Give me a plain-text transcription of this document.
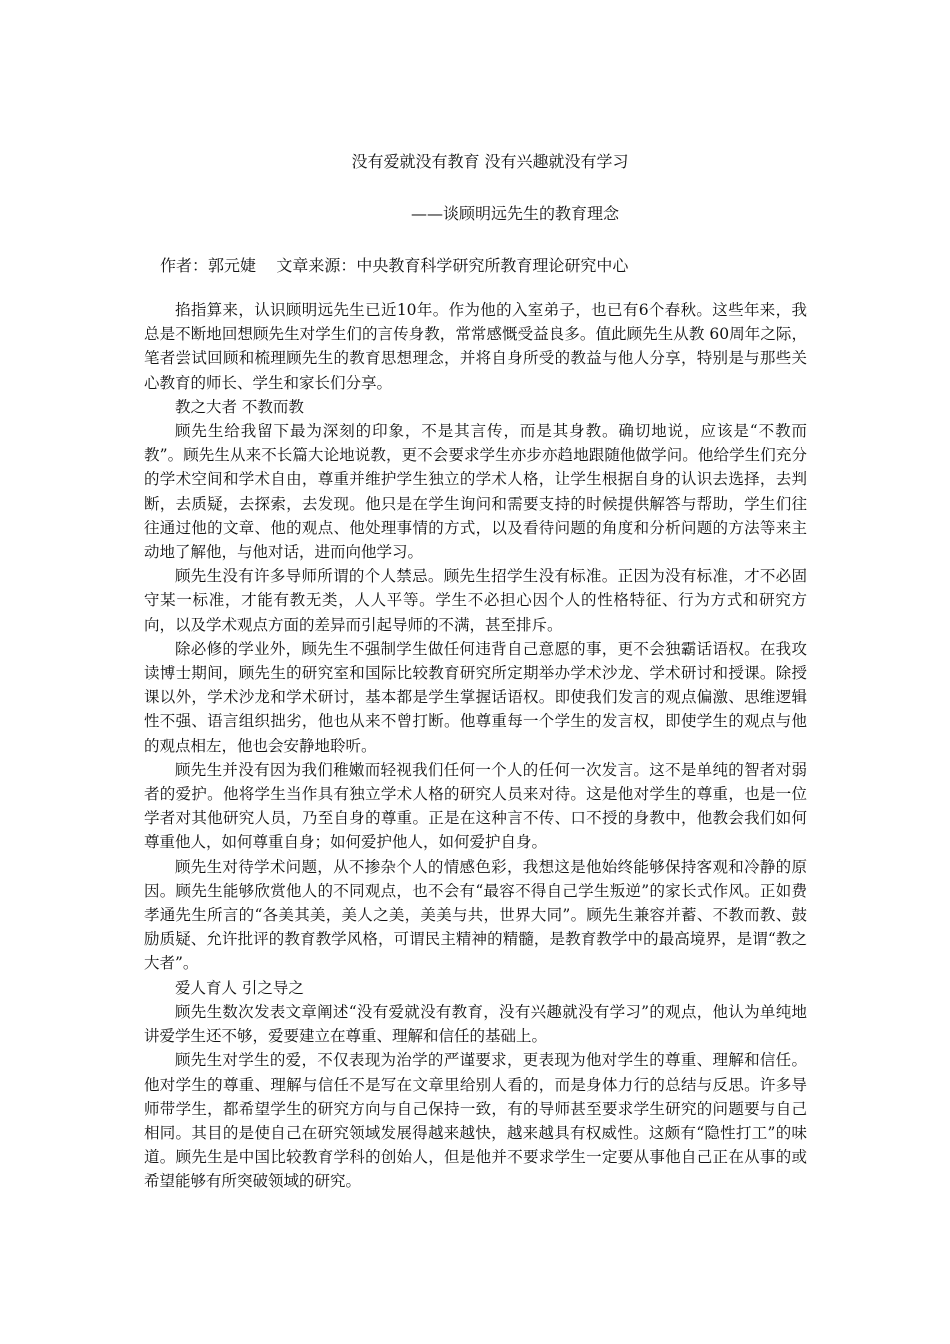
没有爱就没有教育 没有兴趣就没有学习
——谈顾明远先生的教育理念
作者：郭元婕    文章来源：中央教育科学研究所教育理论研究中心

掐指算来，认识顾明远先生已近10年。作为他的入室弟子，也已有6个春秋。这些年来，我总是不断地回想顾先生对学生们的言传身教，常常感慨受益良多。值此顾先生从教 60周年之际，笔者尝试回顾和梳理顾先生的教育思想理念，并将自身所受的教益与他人分享，特别是与那些关心教育的师长、学生和家长们分享。

教之大者 不教而教

顾先生给我留下最为深刻的印象，不是其言传，而是其身教。确切地说，应该是“不教而教”。顾先生从来不长篇大论地说教，更不会要求学生亦步亦趋地跟随他做学问。他给学生们充分的学术空间和学术自由，尊重并维护学生独立的学术人格，让学生根据自身的认识去选择，去判断，去质疑，去探索，去发现。他只是在学生询问和需要支持的时候提供解答与帮助，学生们往往通过他的文章、他的观点、他处理事情的方式，以及看待问题的角度和分析问题的方法等来主动地了解他，与他对话，进而向他学习。

顾先生没有许多导师所谓的个人禁忌。顾先生招学生没有标准。正因为没有标准，才不必固守某一标准，才能有教无类，人人平等。学生不必担心因个人的性格特征、行为方式和研究方向，以及学术观点方面的差异而引起导师的不满，甚至排斥。

除必修的学业外，顾先生不强制学生做任何违背自己意愿的事，更不会独霸话语权。在我攻读博士期间，顾先生的研究室和国际比较教育研究所定期举办学术沙龙、学术研讨和授课。除授课以外，学术沙龙和学术研讨，基本都是学生掌握话语权。即使我们发言的观点偏激、思维逻辑性不强、语言组织拙劣，他也从来不曾打断。他尊重每一个学生的发言权，即使学生的观点与他的观点相左，他也会安静地聆听。

顾先生并没有因为我们稚嫩而轻视我们任何一个人的任何一次发言。这不是单纯的智者对弱者的爱护。他将学生当作具有独立学术人格的研究人员来对待。这是他对学生的尊重，也是一位学者对其他研究人员，乃至自身的尊重。正是在这种言不传、口不授的身教中，他教会我们如何尊重他人，如何尊重自身；如何爱护他人，如何爱护自身。

顾先生对待学术问题，从不掺杂个人的情感色彩，我想这是他始终能够保持客观和冷静的原因。顾先生能够欣赏他人的不同观点，也不会有“最容不得自己学生叛逆”的家长式作风。正如费孝通先生所言的“各美其美，美人之美，美美与共，世界大同”。顾先生兼容并蓄、不教而教、鼓励质疑、允许批评的教育教学风格，可谓民主精神的精髓，是教育教学中的最高境界，是谓“教之大者”。

爱人育人 引之导之

顾先生数次发表文章阐述“没有爱就没有教育，没有兴趣就没有学习”的观点，他认为单纯地讲爱学生还不够，爱要建立在尊重、理解和信任的基础上。

顾先生对学生的爱，不仅表现为治学的严谨要求，更表现为他对学生的尊重、理解和信任。他对学生的尊重、理解与信任不是写在文章里给别人看的，而是身体力行的总结与反思。许多导师带学生，都希望学生的研究方向与自己保持一致，有的导师甚至要求学生研究的问题要与自己相同。其目的是使自己在研究领域发展得越来越快，越来越具有权威性。这颇有“隐性打工”的味道。顾先生是中国比较教育学科的创始人，但是他并不要求学生一定要从事他自己正在从事的或希望能够有所突破领域的研究。
